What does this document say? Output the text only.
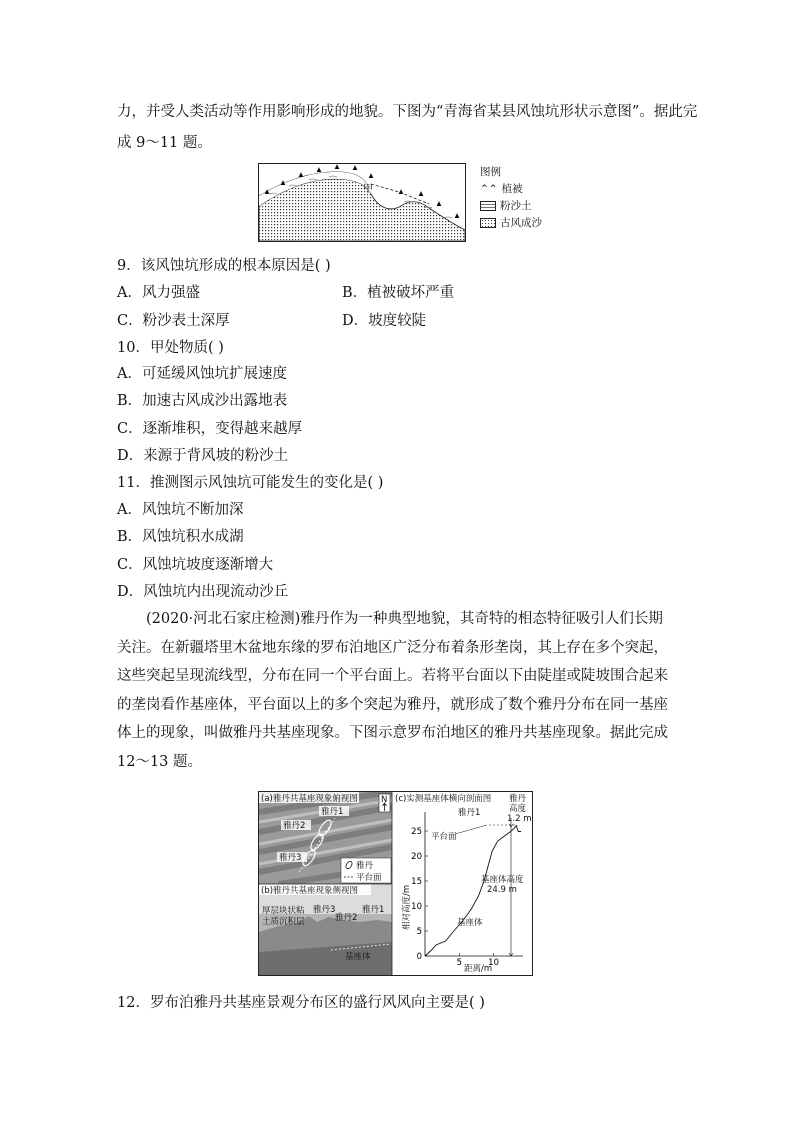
力，并受人类活动等作用影响形成的地貌。下图为“青海省某县风蚀坑形状示意图”。据此完
成 9～11 题。
甲
图例
⌃⌃ 植被
粉沙土
古风成沙
9．该风蚀坑形成的根本原因是( )
A．风力强盛	B．植被破坏严重
C．粉沙表土深厚	D．坡度较陡
10．甲处物质( )
A．可延缓风蚀坑扩展速度
B．加速古风成沙出露地表
C．逐渐堆积，变得越来越厚
D．来源于背风坡的粉沙土
11．推测图示风蚀坑可能发生的变化是( )
A．风蚀坑不断加深
B．风蚀坑积水成湖
C．风蚀坑坡度逐渐增大
D．风蚀坑内出现流动沙丘
(2020·河北石家庄检测)雅丹作为一种典型地貌，其奇特的相态特征吸引人们长期关注。在新疆塔里木盆地东缘的罗布泊地区广泛分布着条形垄岗，其上存在多个突起，这些突起呈现流线型，分布在同一个平台面上。若将平台面以下由陡崖或陡坡围合起来的垄岗看作基座体，平台面以上的多个突起为雅丹，就形成了数个雅丹分布在同一基座体上的现象，叫做雅丹共基座现象。下图示意罗布泊地区的雅丹共基座现象。据此完成 12～13 题。
(a)雅丹共基座现象俯视图
雅丹1
雅丹2
雅丹3
N
雅丹
平台面
(b)雅丹共基座现象侧视图
厚层块状粘
土质沉积层
雅丹3
雅丹2
雅丹1
基座体
(c)实测基座体横向剖面图 雅丹
高度
1.2 m
雅丹1
平台面
基座体高度
24.9 m
基座体
相对高度/m
距离/m
25
20
15
10
5
0
5	10
12．罗布泊雅丹共基座景观分布区的盛行风风向主要是( )
